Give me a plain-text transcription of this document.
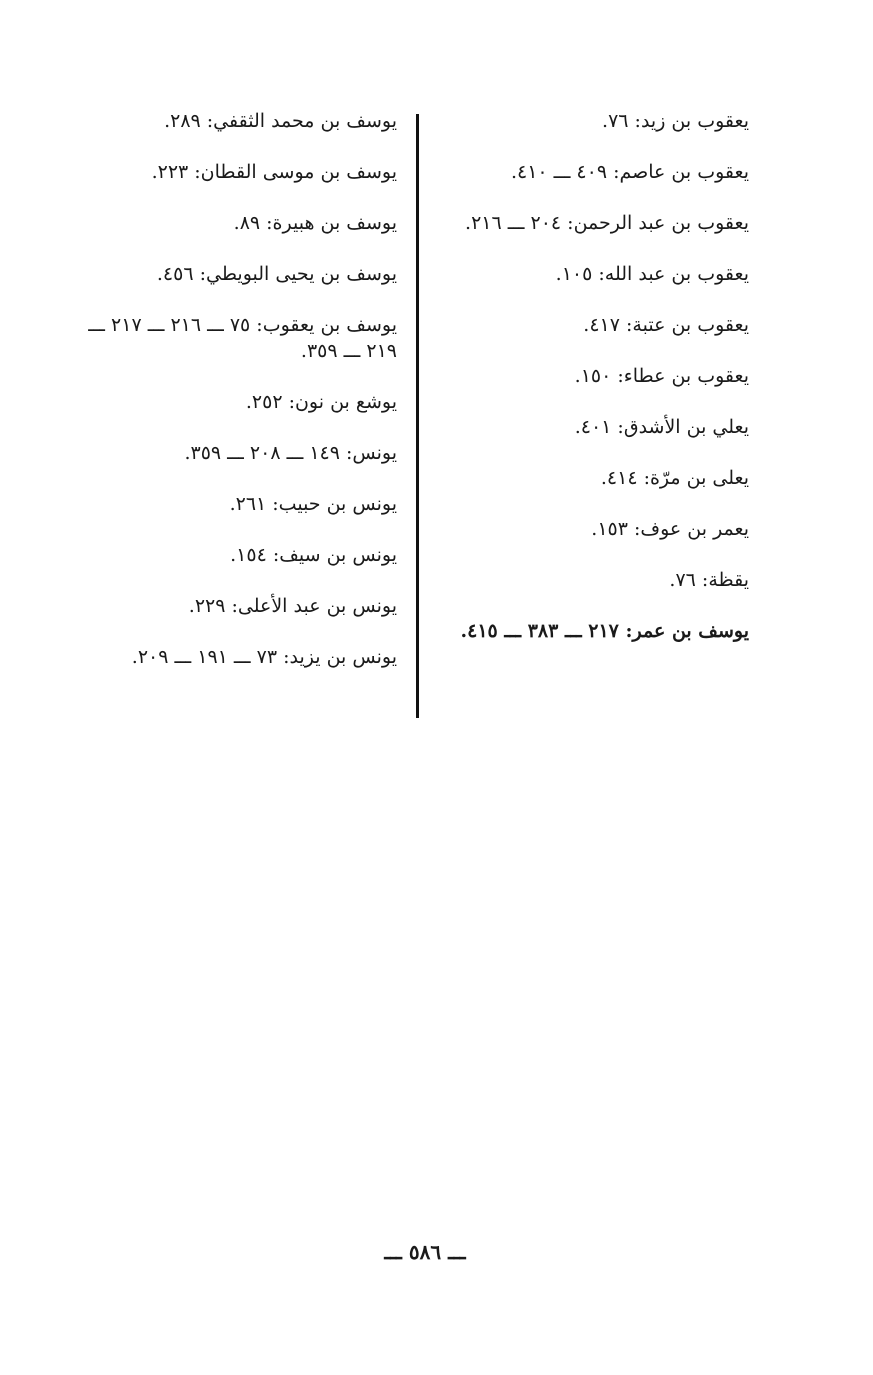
يعقوب بن زيد: ٧٦.
يعقوب بن عاصم: ٤٠٩ ـــ ٤١٠.
يعقوب بن عبد الرحمن: ٢٠٤ ـــ ٢١٦.
يعقوب بن عبد الله: ١٠٥.
يعقوب بن عتبة: ٤١٧.
يعقوب بن عطاء: ١٥٠.
يعلي بن الأشدق: ٤٠١.
يعلى بن مرّة: ٤١٤.
يعمر بن عوف: ١٥٣.
يقظة: ٧٦.
يوسف بن عمر: ٢١٧ ـــ ٣٨٣ ـــ ٤١٥.
يوسف بن محمد الثقفي: ٢٨٩.
يوسف بن موسى القطان: ٢٢٣.
يوسف بن هبيرة: ٨٩.
يوسف بن يحيى البويطي: ٤٥٦.
يوسف بن يعقوب: ٧٥ ـــ ٢١٦ ـــ ٢١٧ ـــ ٢١٩ ـــ ٣٥٩.
يوشع بن نون: ٢٥٢.
يونس: ١٤٩ ـــ ٢٠٨ ـــ ٣٥٩.
يونس بن حبيب: ٢٦١.
يونس بن سيف: ١٥٤.
يونس بن عبد الأعلى: ٢٢٩.
يونس بن يزيد: ٧٣ ـــ ١٩١ ـــ ٢٠٩.
ـــ ٥٨٦ ـــ
